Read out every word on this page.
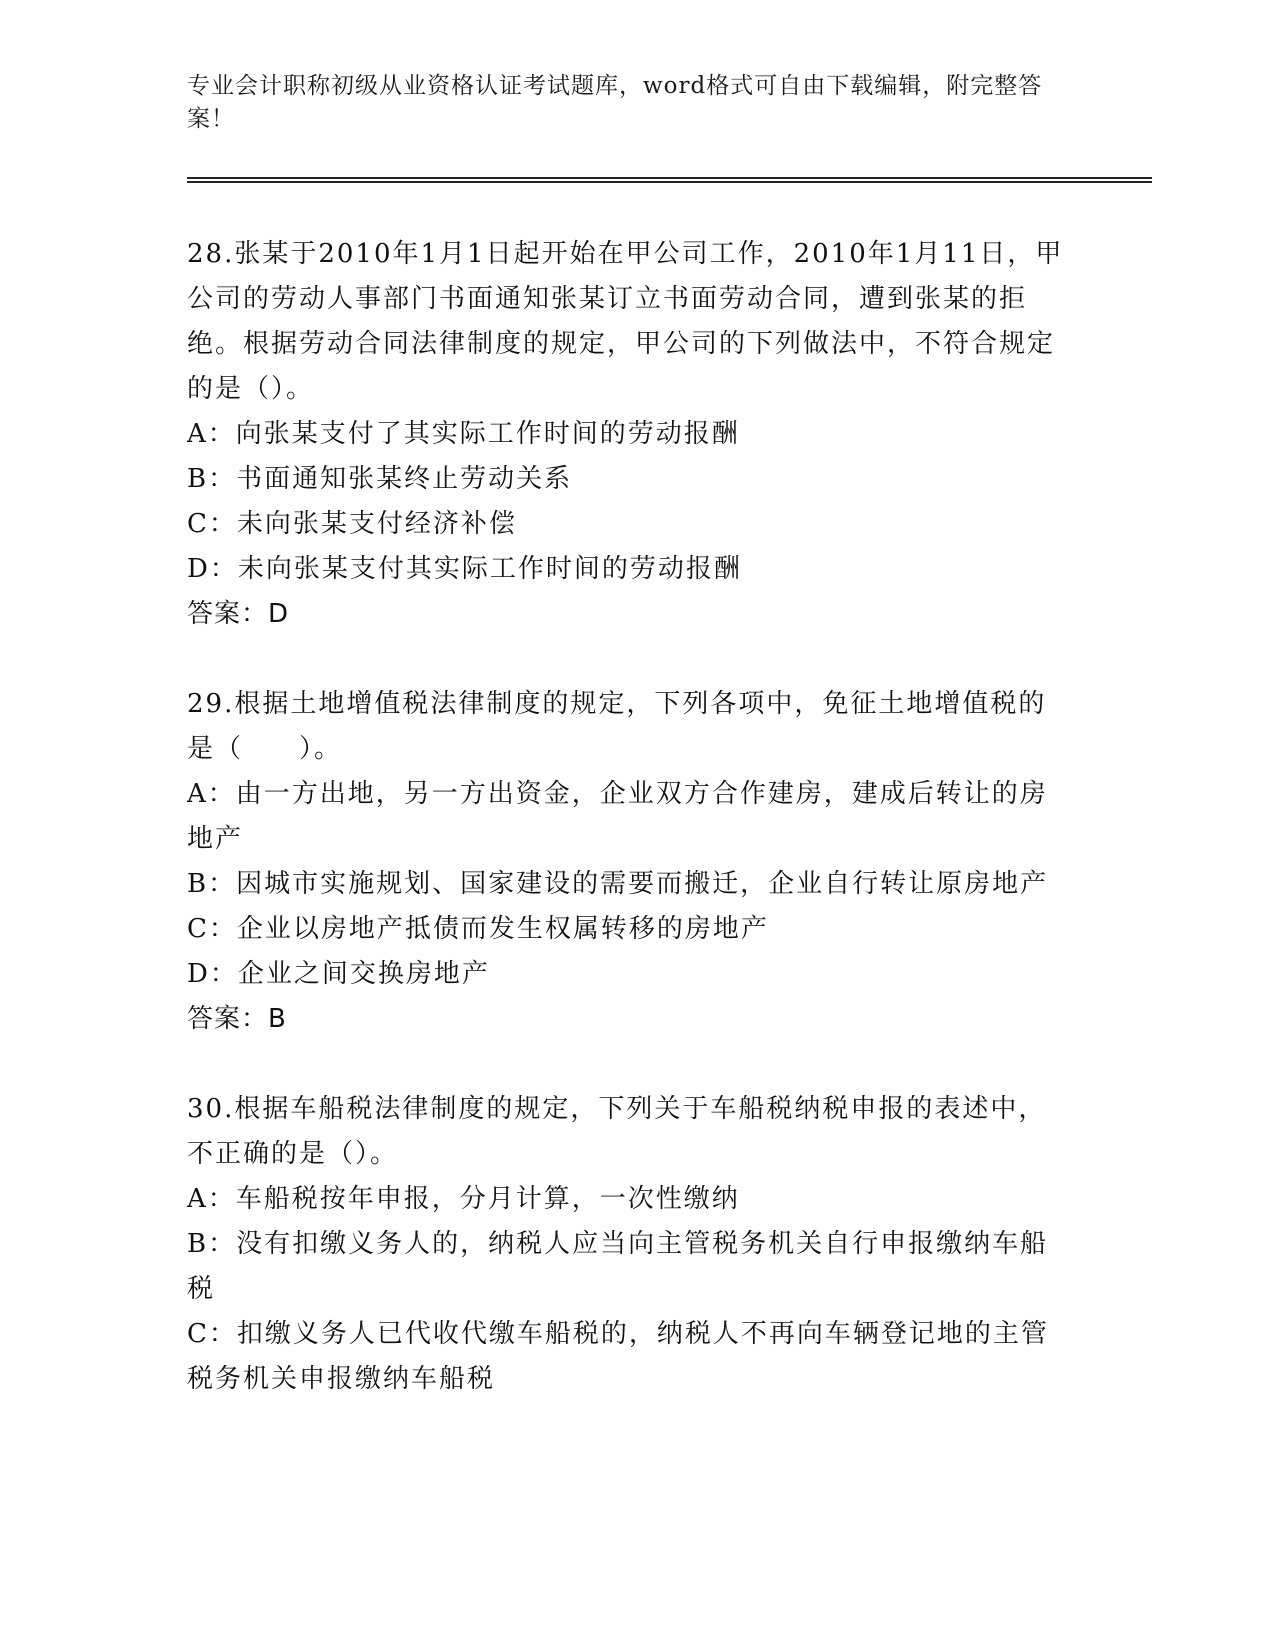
专业会计职称初级从业资格认证考试题库，word格式可自由下载编辑，附完整答案！

28.张某于2010年1月1日起开始在甲公司工作，2010年1月11日，甲公司的劳动人事部门书面通知张某订立书面劳动合同，遭到张某的拒绝。根据劳动合同法律制度的规定，甲公司的下列做法中，不符合规定的是（）。

A：向张某支付了其实际工作时间的劳动报酬

B：书面通知张某终止劳动关系

C：未向张某支付经济补偿

D：未向张某支付其实际工作时间的劳动报酬

答案：D

29.根据土地增值税法律制度的规定，下列各项中，免征土地增值税的是（　　）。

A：由一方出地，另一方出资金，企业双方合作建房，建成后转让的房地产

B：因城市实施规划、国家建设的需要而搬迁，企业自行转让原房地产

C：企业以房地产抵债而发生权属转移的房地产

D：企业之间交换房地产

答案：B

30.根据车船税法律制度的规定，下列关于车船税纳税申报的表述中，不正确的是（）。

A：车船税按年申报，分月计算，一次性缴纳

B：没有扣缴义务人的，纳税人应当向主管税务机关自行申报缴纳车船税

C：扣缴义务人已代收代缴车船税的，纳税人不再向车辆登记地的主管税务机关申报缴纳车船税
